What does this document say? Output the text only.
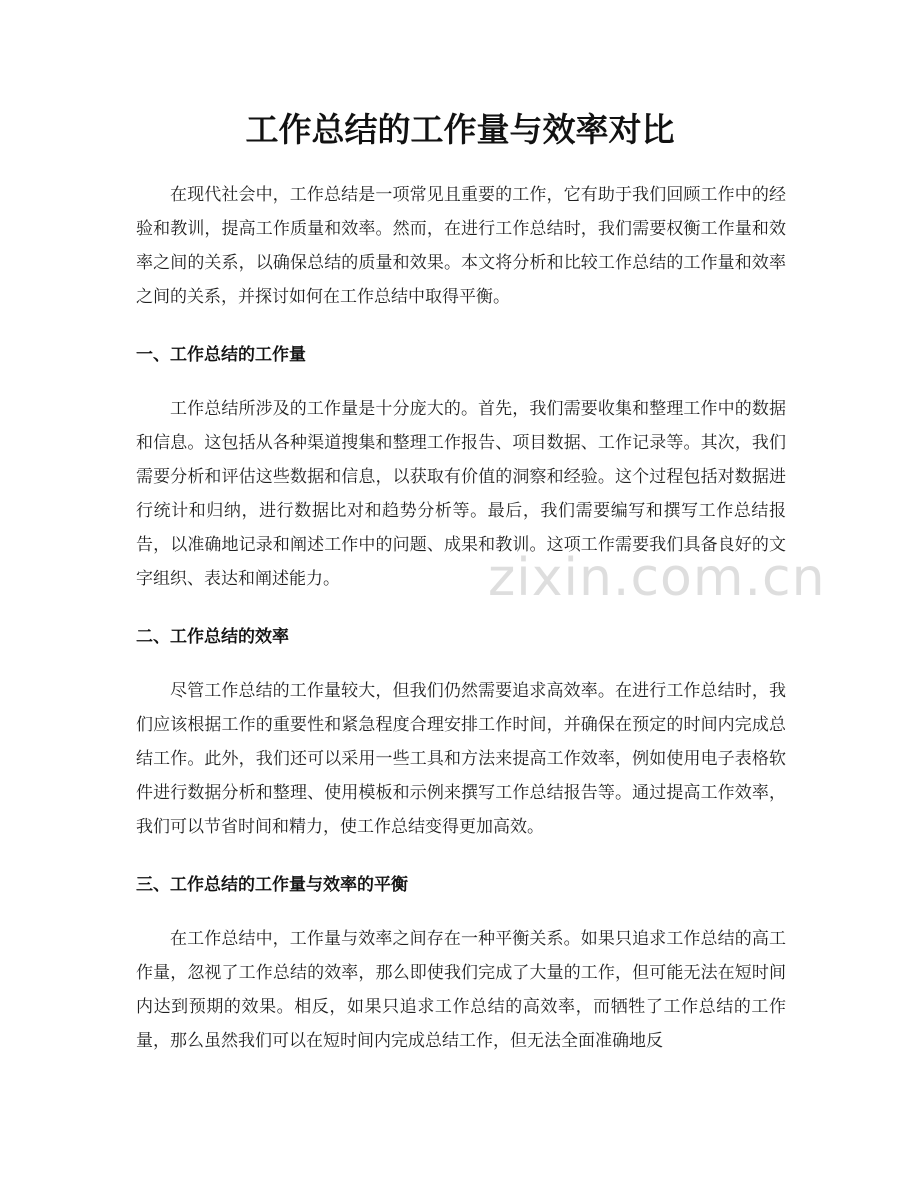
工作总结的工作量与效率对比

在现代社会中，工作总结是一项常见且重要的工作，它有助于我们回顾工作中的经验和教训，提高工作质量和效率。然而，在进行工作总结时，我们需要权衡工作量和效率之间的关系，以确保总结的质量和效果。本文将分析和比较工作总结的工作量和效率之间的关系，并探讨如何在工作总结中取得平衡。

一、工作总结的工作量

工作总结所涉及的工作量是十分庞大的。首先，我们需要收集和整理工作中的数据和信息。这包括从各种渠道搜集和整理工作报告、项目数据、工作记录等。其次，我们需要分析和评估这些数据和信息，以获取有价值的洞察和经验。这个过程包括对数据进行统计和归纳，进行数据比对和趋势分析等。最后，我们需要编写和撰写工作总结报告，以准确地记录和阐述工作中的问题、成果和教训。这项工作需要我们具备良好的文字组织、表达和阐述能力。

二、工作总结的效率

尽管工作总结的工作量较大，但我们仍然需要追求高效率。在进行工作总结时，我们应该根据工作的重要性和紧急程度合理安排工作时间，并确保在预定的时间内完成总结工作。此外，我们还可以采用一些工具和方法来提高工作效率，例如使用电子表格软件进行数据分析和整理、使用模板和示例来撰写工作总结报告等。通过提高工作效率，我们可以节省时间和精力，使工作总结变得更加高效。

三、工作总结的工作量与效率的平衡

在工作总结中，工作量与效率之间存在一种平衡关系。如果只追求工作总结的高工作量，忽视了工作总结的效率，那么即使我们完成了大量的工作，但可能无法在短时间内达到预期的效果。相反，如果只追求工作总结的高效率，而牺牲了工作总结的工作量，那么虽然我们可以在短时间内完成总结工作，但无法全面准确地反

zixin.com.cn
